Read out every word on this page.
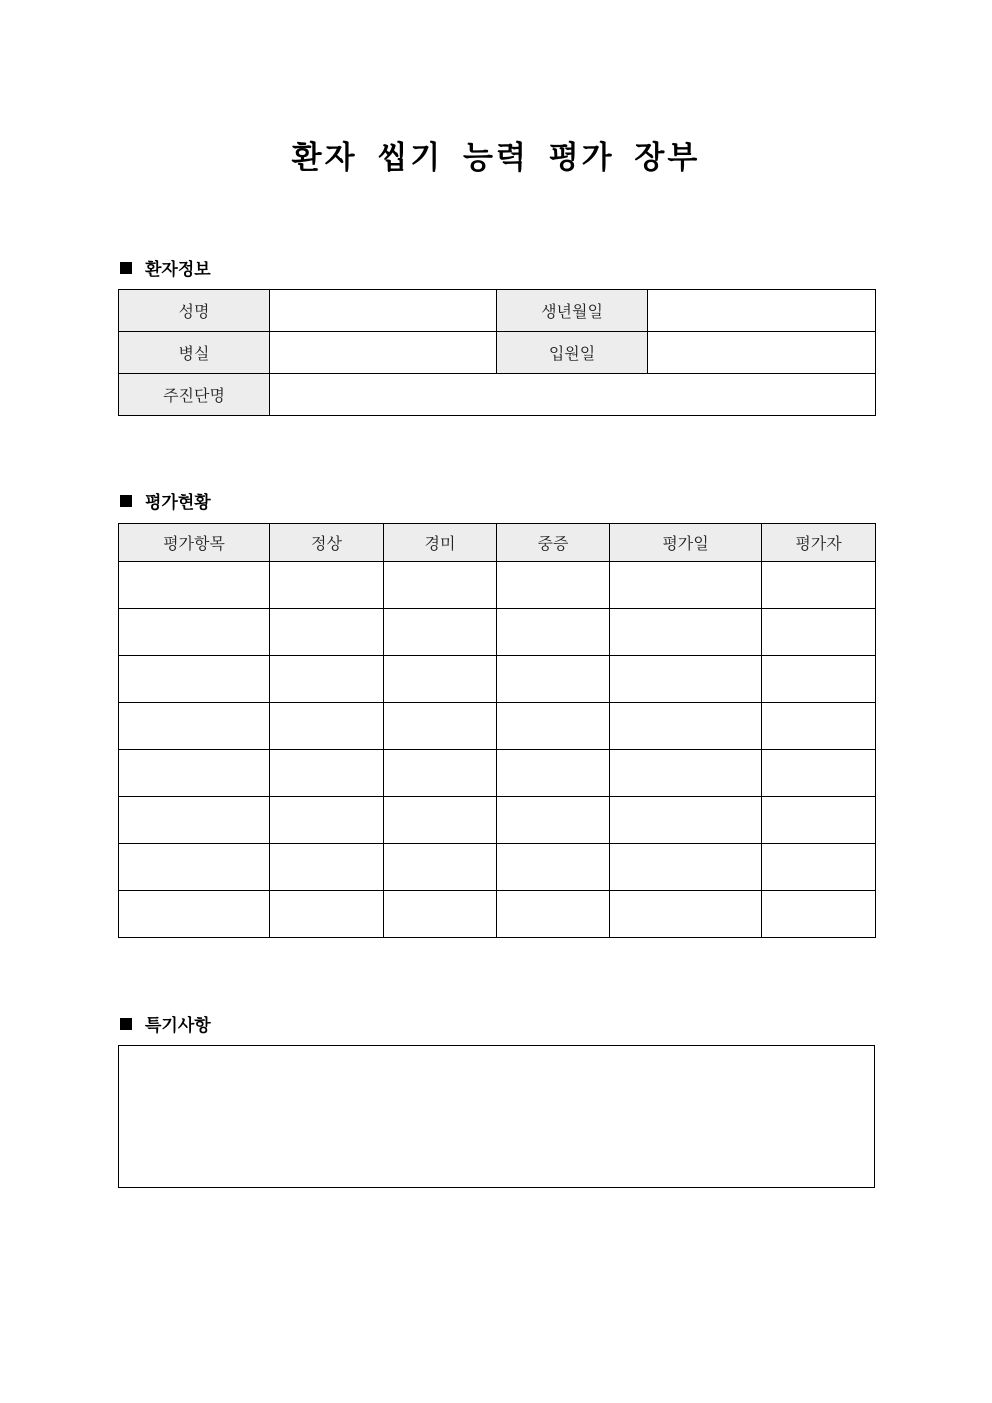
환자 씹기 능력 평가 장부
환자정보
성명		생년월일	
병실		입원일	
주진단명			
평가현황
평가항목	정상	경미	중증	평가일	평가자

특기사항
